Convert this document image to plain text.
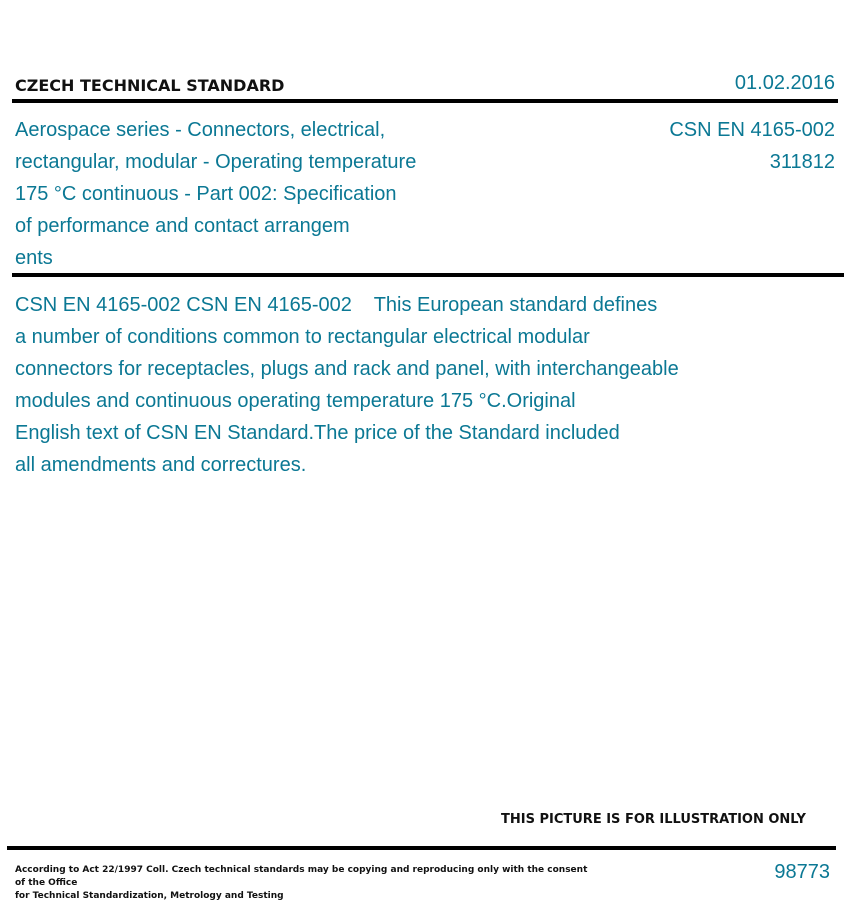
CZECH TECHNICAL STANDARD	01.02.2016
Aerospace series - Connectors, electrical,
rectangular, modular - Operating temperature
175 °C continuous - Part 002: Specification
of performance and contact arrangem
ents
CSN EN 4165-002
311812
CSN EN 4165-002 CSN EN 4165-002    This European standard defines
a number of conditions common to rectangular electrical modular
connectors for receptacles, plugs and rack and panel, with interchangeable
modules and continuous operating temperature 175 °C.Original
English text of CSN EN Standard.The price of the Standard included
all amendments and correctures.
THIS PICTURE IS FOR ILLUSTRATION ONLY
According to Act 22/1997 Coll. Czech technical standards may be copying and reproducing only with the consent of the Office
for Technical Standardization, Metrology and Testing
98773
